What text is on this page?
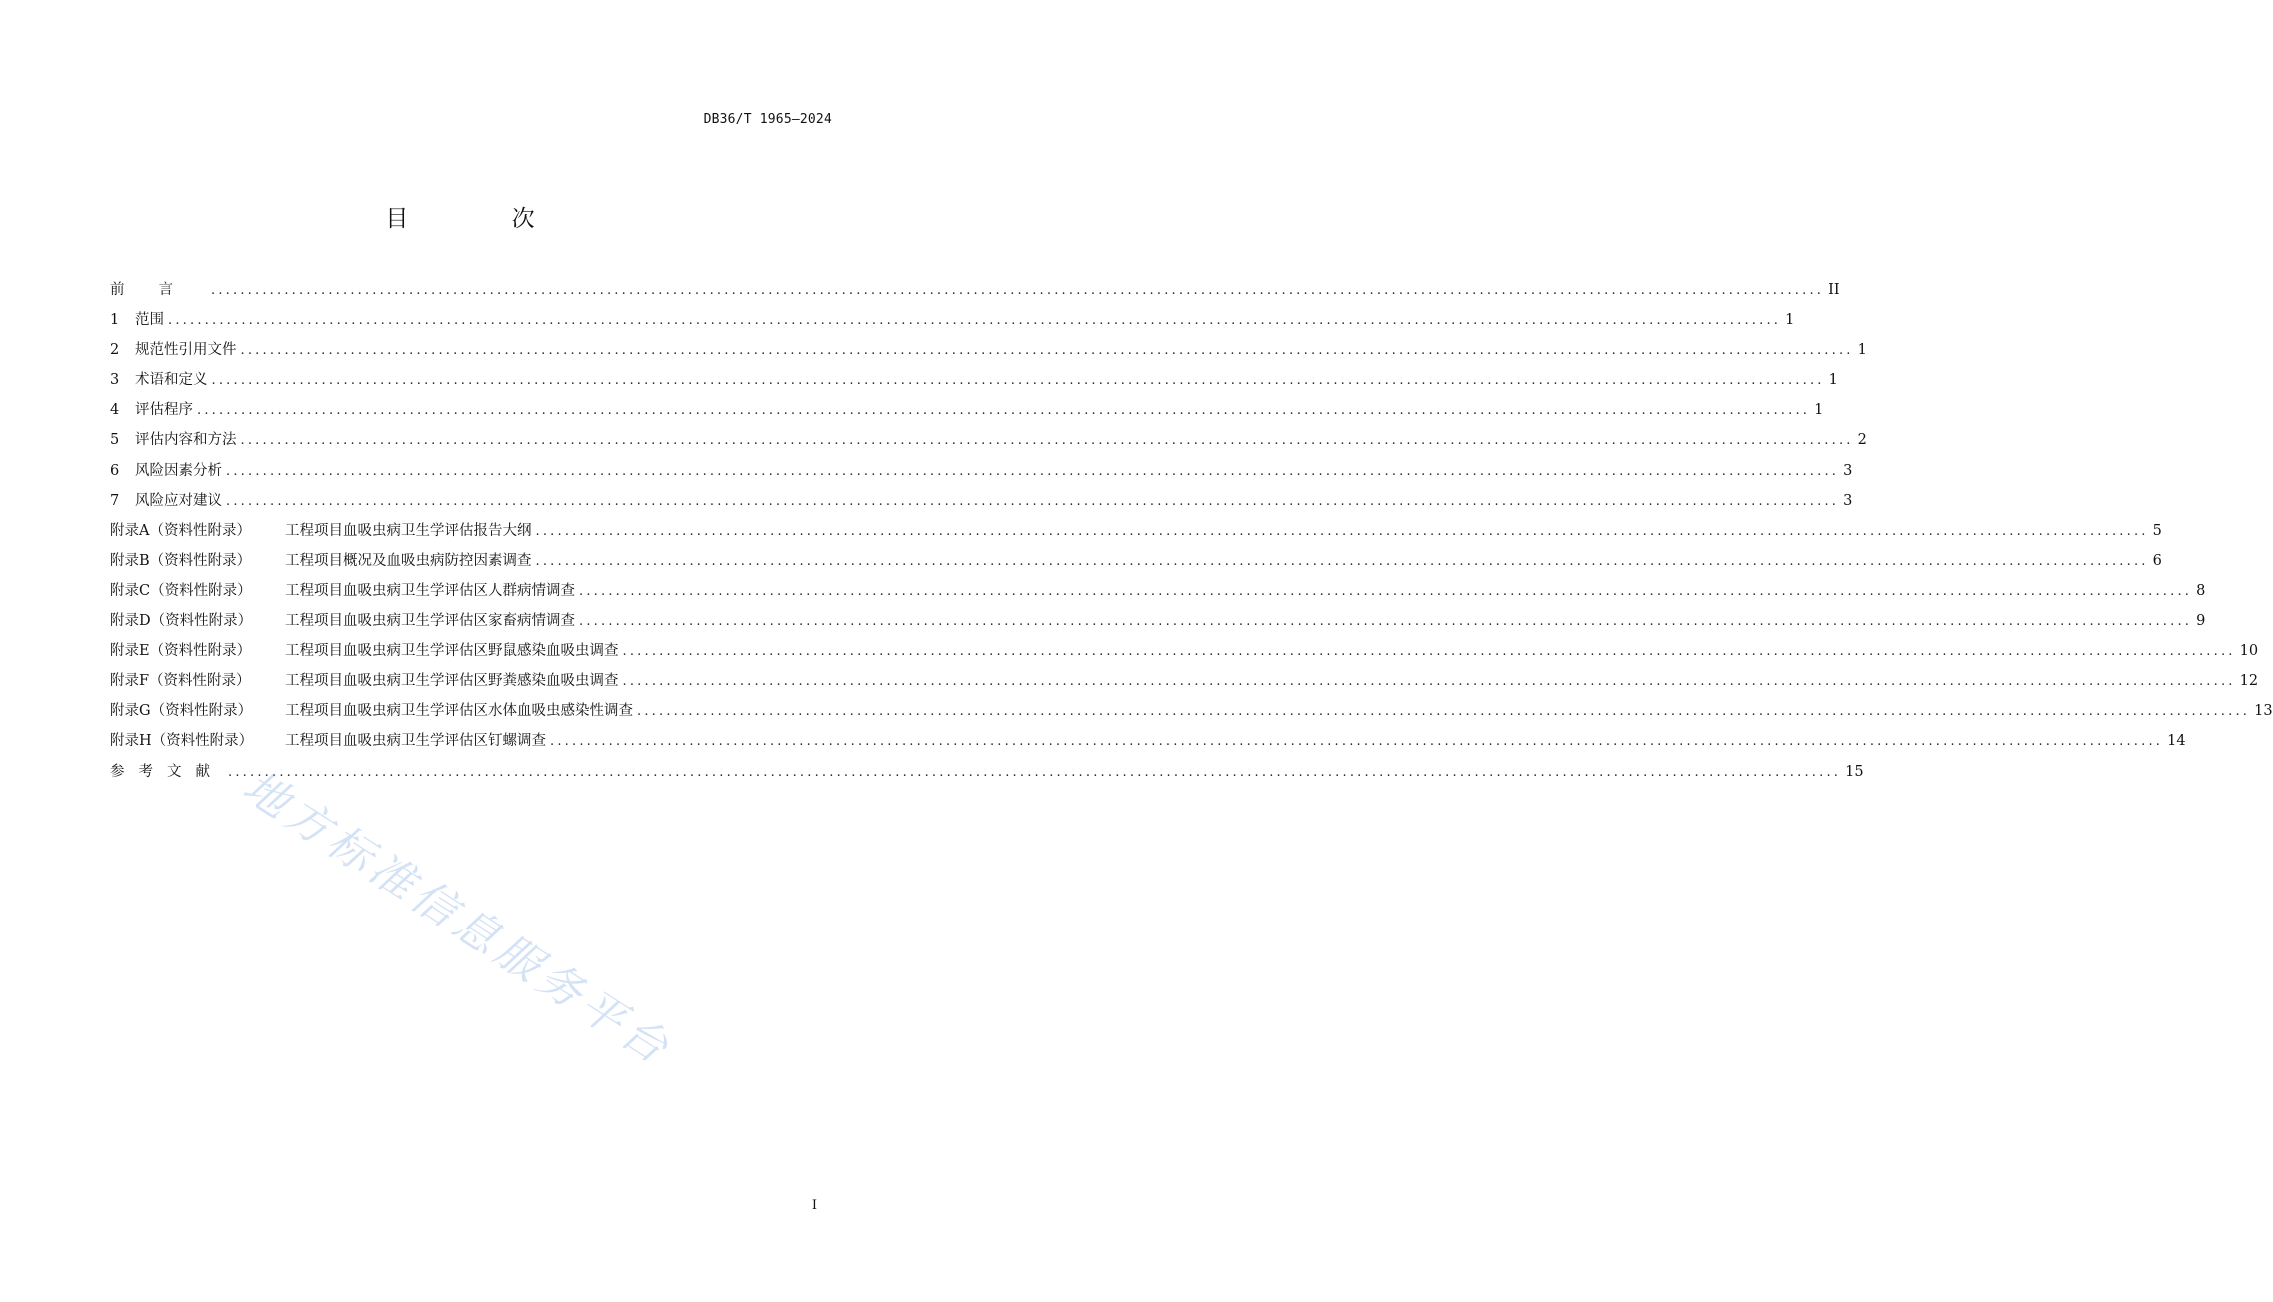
DB36/T 1965—2024
目 次
前言 ............................................................................................................................................................................................................................ II
1	范围 ............................................................................................................................................................................................................................ 1
2	规范性引用文件 ............................................................................................................................................................................................................................ 1
3	术语和定义 ............................................................................................................................................................................................................................ 1
4	评估程序 ............................................................................................................................................................................................................................ 1
5	评估内容和方法 ............................................................................................................................................................................................................................ 2
6	风险因素分析 ............................................................................................................................................................................................................................ 3
7	风险应对建议 ............................................................................................................................................................................................................................ 3
附录A（资料性附录）	工程项目血吸虫病卫生学评估报告大纲 ............................................................................................................................................................................................................................ 5
附录B（资料性附录）	工程项目概况及血吸虫病防控因素调查 ............................................................................................................................................................................................................................ 6
附录C（资料性附录）	工程项目血吸虫病卫生学评估区人群病情调查 ............................................................................................................................................................................................................................ 8
附录D（资料性附录）	工程项目血吸虫病卫生学评估区家畜病情调查 ............................................................................................................................................................................................................................ 9
附录E（资料性附录）	工程项目血吸虫病卫生学评估区野鼠感染血吸虫调查 ............................................................................................................................................................................................................................ 10
附录F（资料性附录）	工程项目血吸虫病卫生学评估区野粪感染血吸虫调查 ............................................................................................................................................................................................................................ 12
附录G（资料性附录）	工程项目血吸虫病卫生学评估区水体血吸虫感染性调查 ............................................................................................................................................................................................................................ 13
附录H（资料性附录）	工程项目血吸虫病卫生学评估区钉螺调查 ............................................................................................................................................................................................................................ 14
参考文献 ............................................................................................................................................................................................................................ 15
地方标准信息服务平台
I
